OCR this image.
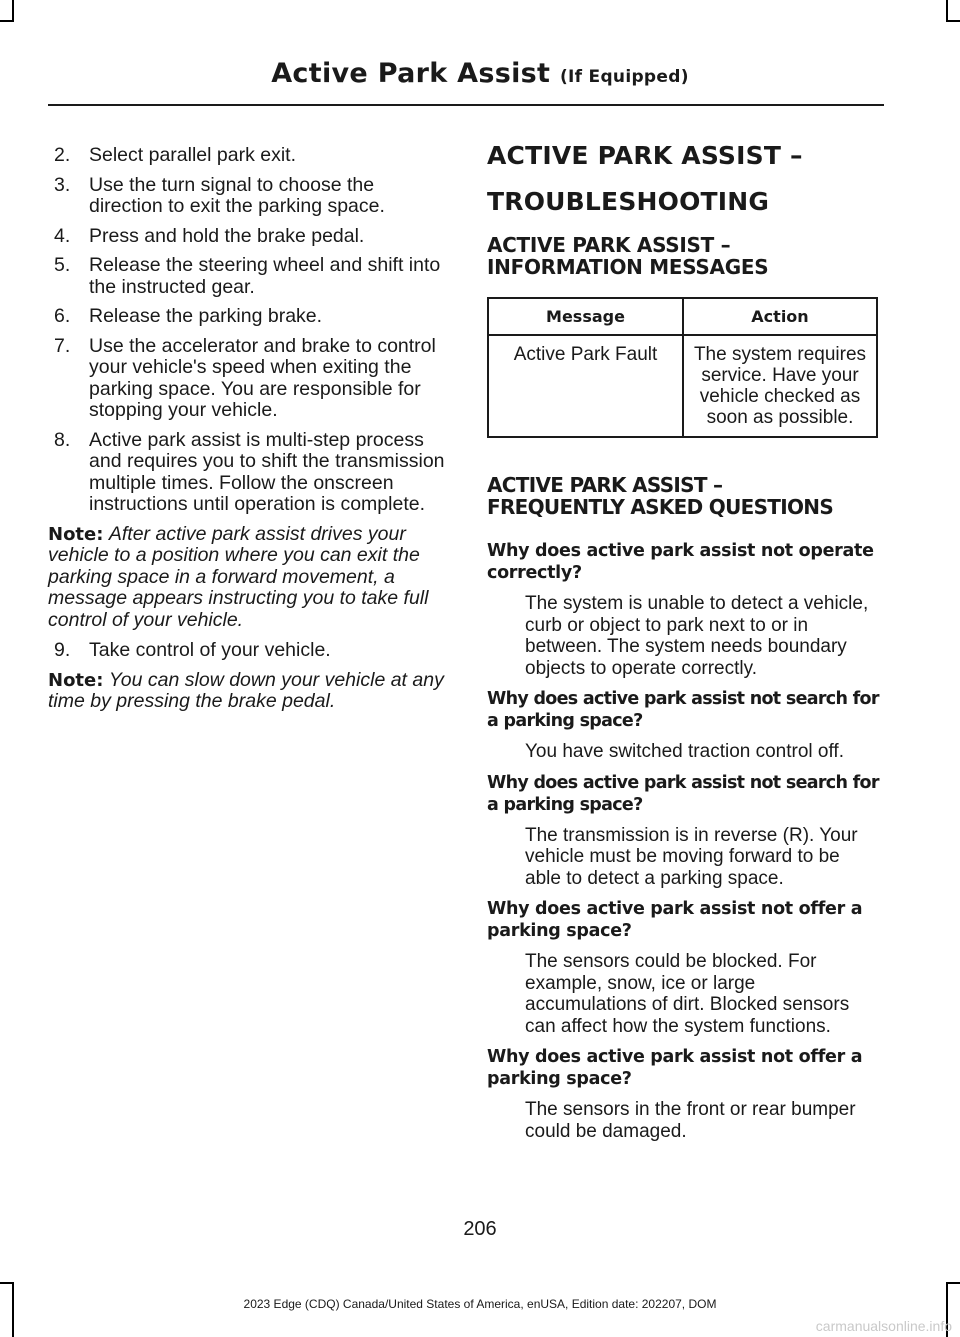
Active Park Assist (If Equipped)
2. Select parallel park exit.
3. Use the turn signal to choose the direction to exit the parking space.
4. Press and hold the brake pedal.
5. Release the steering wheel and shift into the instructed gear.
6. Release the parking brake.
7. Use the accelerator and brake to control your vehicle's speed when exiting the parking space. You are responsible for stopping your vehicle.
8. Active park assist is multi-step process and requires you to shift the transmission multiple times. Follow the onscreen instructions until operation is complete.
Note: After active park assist drives your vehicle to a position where you can exit the parking space in a forward movement, a message appears instructing you to take full control of your vehicle.
9. Take control of your vehicle.
Note: You can slow down your vehicle at any time by pressing the brake pedal.
ACTIVE PARK ASSIST –
TROUBLESHOOTING
ACTIVE PARK ASSIST –
INFORMATION MESSAGES
Message	Action
Active Park Fault	The system requires service. Have your vehicle checked as soon as possible.
ACTIVE PARK ASSIST –
FREQUENTLY ASKED QUESTIONS
Why does active park assist not operate correctly?
The system is unable to detect a vehicle, curb or object to park next to or in between. The system needs boundary objects to operate correctly.
Why does active park assist not search for a parking space?
You have switched traction control off.
Why does active park assist not search for a parking space?
The transmission is in reverse (R). Your vehicle must be moving forward to be able to detect a parking space.
Why does active park assist not offer a parking space?
The sensors could be blocked. For example, snow, ice or large accumulations of dirt. Blocked sensors can affect how the system functions.
Why does active park assist not offer a parking space?
The sensors in the front or rear bumper could be damaged.
206
2023 Edge (CDQ) Canada/United States of America, enUSA, Edition date: 202207, DOM
carmanualsonline.info
